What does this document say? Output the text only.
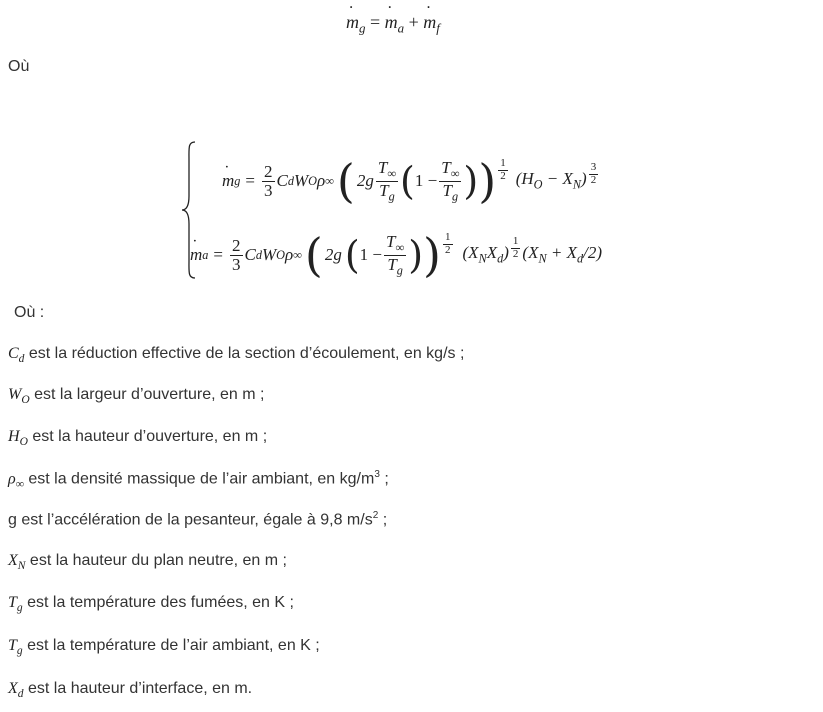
m $˙_g = m$ $˙_a + m$ $˙_f$
Où
m ˙ $g = \frac{2}{3}$ C d W O ρ ∞ ( $2g \frac{T_\infty}{T_g}$ ( $1 - \frac{T_\infty}{T_g}$ ) ) $\frac{1}{2} (H_O - X_N) \frac{3}{2}$
m ˙ $a = \frac{2}{3}$ C d W O ρ ∞ ( 2g ( $1 - \frac{T_\infty}{T_g}$ ) ) $\frac{1}{2} (X_NX_d) \frac{1}{2} (X_N + X_d/2)$
Où :
$C_d$ est la réduction effective de la section d’écoulement, en kg/s ;
$W_O$ est la largeur d’ouverture, en m ;
$H_O$ est la hauteur d’ouverture, en m ;
$\rho_\infty$ est la densité massique de l’air ambiant, en $kg/m^3$ ;
g est l’accélération de la pesanteur, égale à 9,8 $m/s^2$ ;
$X_N$ est la hauteur du plan neutre, en m ;
$T_g$ est la température des fumées, en K ;
$T_g$ est la température de l’air ambiant, en K ;
$X_d$ est la hauteur d’interface, en m.
